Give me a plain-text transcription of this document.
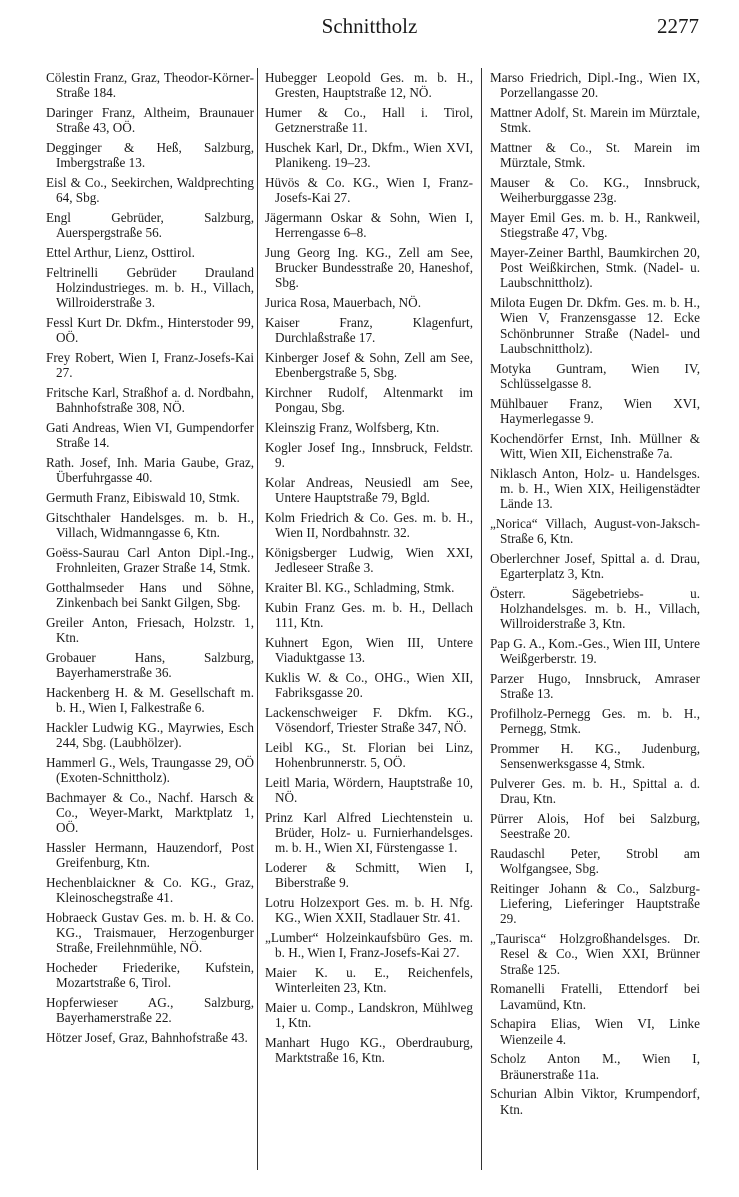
Schnittholz	2277
Cölestin Franz, Graz, Theodor-Körner-Straße 184.
Daringer Franz, Altheim, Braunauer Straße 43, OÖ.
Degginger & Heß, Salzburg, Imbergstraße 13.
Eisl & Co., Seekirchen, Waldprechting 64, Sbg.
Engl Gebrüder, Salzburg, Auerspergstraße 56.
Ettel Arthur, Lienz, Osttirol.
Feltrinelli Gebrüder Drauland Holzindustrieges. m. b. H., Villach, Willroiderstraße 3.
Fessl Kurt Dr. Dkfm., Hinterstoder 99, OÖ.
Frey Robert, Wien I, Franz-Josefs-Kai 27.
Fritsche Karl, Straßhof a. d. Nordbahn, Bahnhofstraße 308, NÖ.
Gati Andreas, Wien VI, Gumpendorfer Straße 14.
Rath. Josef, Inh. Maria Gaube, Graz, Überfuhrgasse 40.
Germuth Franz, Eibiswald 10, Stmk.
Gitschthaler Handelsges. m. b. H., Villach, Widmanngasse 6, Ktn.
Goëss-Saurau Carl Anton Dipl.-Ing., Frohnleiten, Grazer Straße 14, Stmk.
Gotthalmseder Hans und Söhne, Zinkenbach bei Sankt Gilgen, Sbg.
Greiler Anton, Friesach, Holzstr. 1, Ktn.
Grobauer Hans, Salzburg, Bayerhamerstraße 36.
Hackenberg H. & M. Gesellschaft m. b. H., Wien I, Falkestraße 6.
Hackler Ludwig KG., Mayrwies, Esch 244, Sbg. (Laubhölzer).
Hammerl G., Wels, Traungasse 29, OÖ (Exoten-Schnittholz).
Bachmayer & Co., Nachf. Harsch & Co., Weyer-Markt, Marktplatz 1, OÖ.
Hassler Hermann, Hauzendorf, Post Greifenburg, Ktn.
Hechenblaickner & Co. KG., Graz, Kleinoschegstraße 41.
Hobraeck Gustav Ges. m. b. H. & Co. KG., Traismauer, Herzogenburger Straße, Freilehnmühle, NÖ.
Hocheder Friederike, Kufstein, Mozartstraße 6, Tirol.
Hopferwieser AG., Salzburg, Bayerhamerstraße 22.
Hötzer Josef, Graz, Bahnhofstraße 43.
Hubegger Leopold Ges. m. b. H., Gresten, Hauptstraße 12, NÖ.
Humer & Co., Hall i. Tirol, Getznerstraße 11.
Huschek Karl, Dr., Dkfm., Wien XVI, Planikeng. 19–23.
Hüvös & Co. KG., Wien I, Franz-Josefs-Kai 27.
Jägermann Oskar & Sohn, Wien I, Herrengasse 6–8.
Jung Georg Ing. KG., Zell am See, Brucker Bundesstraße 20, Haneshof, Sbg.
Jurica Rosa, Mauerbach, NÖ.
Kaiser Franz, Klagenfurt, Durchlaßstraße 17.
Kinberger Josef & Sohn, Zell am See, Ebenbergstraße 5, Sbg.
Kirchner Rudolf, Altenmarkt im Pongau, Sbg.
Kleinszig Franz, Wolfsberg, Ktn.
Kogler Josef Ing., Innsbruck, Feldstr. 9.
Kolar Andreas, Neusiedl am See, Untere Hauptstraße 79, Bgld.
Kolm Friedrich & Co. Ges. m. b. H., Wien II, Nordbahnstr. 32.
Königsberger Ludwig, Wien XXI, Jedleseer Straße 3.
Kraiter Bl. KG., Schladming, Stmk.
Kubin Franz Ges. m. b. H., Dellach 111, Ktn.
Kuhnert Egon, Wien III, Untere Viaduktgasse 13.
Kuklis W. & Co., OHG., Wien XII, Fabriksgasse 20.
Lackenschweiger F. Dkfm. KG., Vösendorf, Triester Straße 347, NÖ.
Leibl KG., St. Florian bei Linz, Hohenbrunnerstr. 5, OÖ.
Leitl Maria, Wördern, Hauptstraße 10, NÖ.
Prinz Karl Alfred Liechtenstein u. Brüder, Holz- u. Furnierhandelsges. m. b. H., Wien XI, Fürstengasse 1.
Loderer & Schmitt, Wien I, Biberstraße 9.
Lotru Holzexport Ges. m. b. H. Nfg. KG., Wien XXII, Stadlauer Str. 41.
„Lumber“ Holzeinkaufsbüro Ges. m. b. H., Wien I, Franz-Josefs-Kai 27.
Maier K. u. E., Reichenfels, Winterleiten 23, Ktn.
Maier u. Comp., Landskron, Mühlweg 1, Ktn.
Manhart Hugo KG., Oberdrauburg, Marktstraße 16, Ktn.
Marso Friedrich, Dipl.-Ing., Wien IX, Porzellangasse 20.
Mattner Adolf, St. Marein im Mürztale, Stmk.
Mattner & Co., St. Marein im Mürztale, Stmk.
Mauser & Co. KG., Innsbruck, Weiherburggasse 23g.
Mayer Emil Ges. m. b. H., Rankweil, Stiegstraße 47, Vbg.
Mayer-Zeiner Barthl, Baumkirchen 20, Post Weißkirchen, Stmk. (Nadel- u. Laubschnittholz).
Milota Eugen Dr. Dkfm. Ges. m. b. H., Wien V, Franzensgasse 12. Ecke Schönbrunner Straße (Nadel- und Laubschnittholz).
Motyka Guntram, Wien IV, Schlüsselgasse 8.
Mühlbauer Franz, Wien XVI, Haymerlegasse 9.
Kochendörfer Ernst, Inh. Müllner & Witt, Wien XII, Eichenstraße 7a.
Niklasch Anton, Holz- u. Handelsges. m. b. H., Wien XIX, Heiligenstädter Lände 13.
„Norica“ Villach, August-von-Jaksch-Straße 6, Ktn.
Oberlerchner Josef, Spittal a. d. Drau, Egarterplatz 3, Ktn.
Österr. Sägebetriebs- u. Holzhandelsges. m. b. H., Villach, Willroiderstraße 3, Ktn.
Pap G. A., Kom.-Ges., Wien III, Untere Weißgerberstr. 19.
Parzer Hugo, Innsbruck, Amraser Straße 13.
Profilholz-Pernegg Ges. m. b. H., Pernegg, Stmk.
Prommer H. KG., Judenburg, Sensenwerksgasse 4, Stmk.
Pulverer Ges. m. b. H., Spittal a. d. Drau, Ktn.
Pürrer Alois, Hof bei Salzburg, Seestraße 20.
Raudaschl Peter, Strobl am Wolfgangsee, Sbg.
Reitinger Johann & Co., Salzburg-Liefering, Lieferinger Hauptstraße 29.
„Taurisca“ Holzgroßhandelsges. Dr. Resel & Co., Wien XXI, Brünner Straße 125.
Romanelli Fratelli, Ettendorf bei Lavamünd, Ktn.
Schapira Elias, Wien VI, Linke Wienzeile 4.
Scholz Anton M., Wien I, Bräunerstraße 11a.
Schurian Albin Viktor, Krumpendorf, Ktn.
